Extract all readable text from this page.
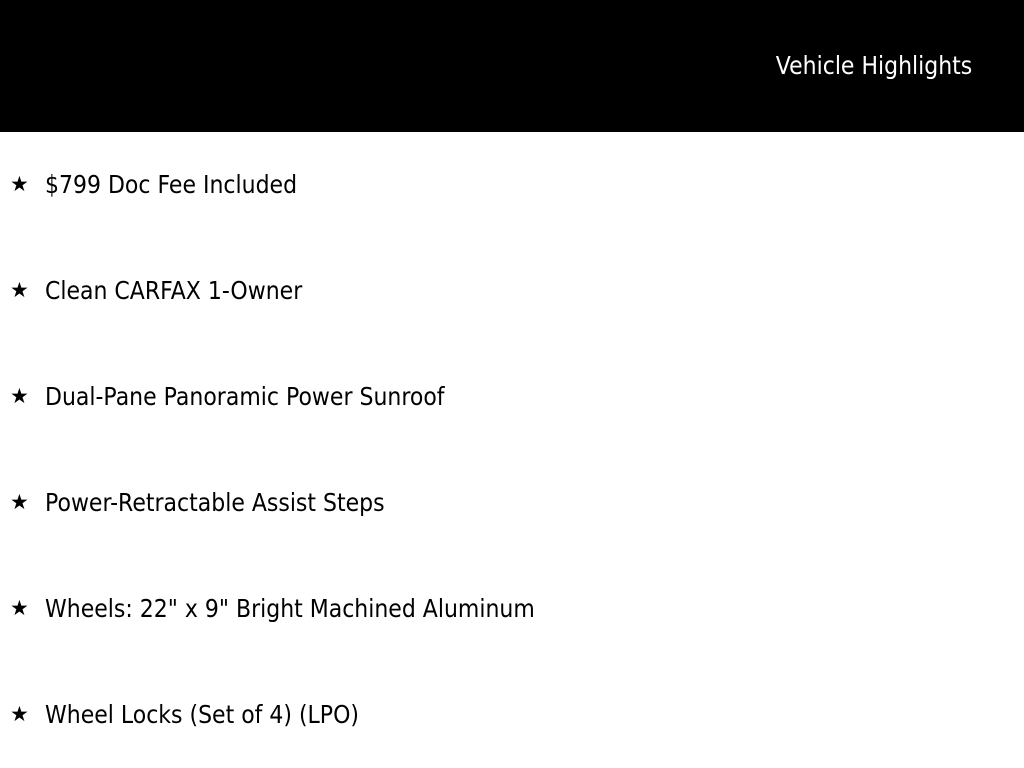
Vehicle Highlights
★ $799 Doc Fee Included
★ Clean CARFAX 1-Owner
★ Dual-Pane Panoramic Power Sunroof
★ Power-Retractable Assist Steps
★ Wheels: 22" x 9" Bright Machined Aluminum
★ Wheel Locks (Set of 4) (LPO)
